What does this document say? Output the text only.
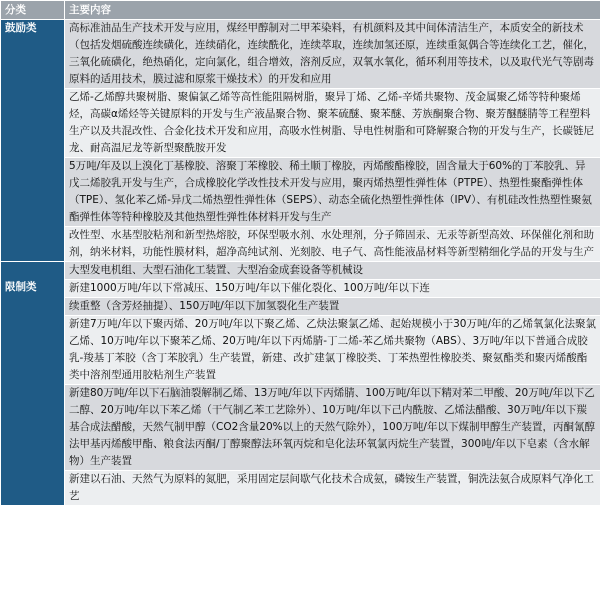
分类	主要内容
鼓励类	高标准油品生产技术开发与应用，煤经甲醇制对二甲苯染料，有机颜料及其中间体清洁生产，本质安全的新技术（包括发烟硫酸连续磺化，连续硝化，连续酰化，连续萃取，连续加氢还原，连续重氮偶合等连续化工艺，催化，三氧化硫磺化，绝热硝化，定向氯化，组合增效，溶剂反应，双氧水氧化，循环利用等技术，以及取代光气等剧毒原料的适用技术，膜过滤和原浆干燥技术）的开发和应用
	乙烯-乙烯醇共聚树脂、聚偏氯乙烯等高性能阻隔树脂，聚异丁烯、乙烯-辛烯共聚物、茂金属聚乙烯等特种聚烯烃，高碳α烯烃等关键原料的开发与生产液晶聚合物、聚苯硫醚、聚苯醚、芳族酮聚合物、聚芳醚醚腈等工程塑料生产以及共混改性、合金化技术开发和应用，高吸水性树脂、导电性树脂和可降解聚合物的开发与生产，长碳链尼龙、耐高温尼龙等新型聚酰胺开发
	5万吨/年及以上溴化丁基橡胶、溶聚丁苯橡胶、稀土顺丁橡胶，丙烯酸酯橡胶，固含量大于60%的丁苯胶乳、异戊二烯胶乳开发与生产，合成橡胶化学改性技术开发与应用，聚丙烯热塑性弹性体（PTPE）、热塑性聚酯弹性体（TPE）、氢化苯乙烯-异戊二烯热塑性弹性体（SEPS）、动态全硫化热塑性弹性体（IPV）、有机硅改性热塑性聚氨酯弹性体等特种橡胶及其他热塑性弹性体材料开发与生产
	改性型、水基型胶粘剂和新型热熔胶，环保型吸水剂、水处理剂，分子筛固汞、无汞等新型高效、环保催化剂和助剂，纳米材料，功能性膜材料，超净高纯试剂、光刻胶、电子气、高性能液晶材料等新型精细化学品的开发与生产
限制类	大型发电机组、大型石油化工装置、大型冶金成套设备等机械设
	新建1000万吨/年以下常减压、150万吨/年以下催化裂化、100万吨/年以下连
	续重整（含芳烃抽提）、150万吨/年以下加氢裂化生产装置
	新建7万吨/年以下聚丙烯、20万吨/年以下聚乙烯、乙炔法聚氯乙烯、起始规模小于30万吨/年的乙烯氧氯化法聚氯乙烯、10万吨/年以下聚苯乙烯、20万吨/年以下丙烯腈-丁二烯-苯乙烯共聚物（ABS）、3万吨/年以下普通合成胶乳-羧基丁苯胶（含丁苯胶乳）生产装置，新建、改扩建氯丁橡胶类、丁苯热塑性橡胶类、聚氨酯类和聚丙烯酸酯类中溶剂型通用胶粘剂生产装置
	新建80万吨/年以下石脑油裂解制乙烯、13万吨/年以下丙烯腈、100万吨/年以下精对苯二甲酸、20万吨/年以下乙二醇、20万吨/年以下苯乙烯（干气制乙苯工艺除外）、10万吨/年以下己内酰胺、乙烯法醋酸、30万吨/年以下羰基合成法醋酸，天然气制甲醇（CO2含量20%以上的天然气除外），100万吨/年以下煤制甲醇生产装置，丙酮氰醇法甲基丙烯酸甲酯、粮食法丙酮/丁醇聚醇法环氧丙烷和皂化法环氧氯丙烷生产装置，300吨/年以下皂素（含水解物）生产装置
	新建以石油、天然气为原料的氮肥，采用固定层间歇气化技术合成氨，磷铵生产装置，铜洗法氨合成原料气净化工艺
